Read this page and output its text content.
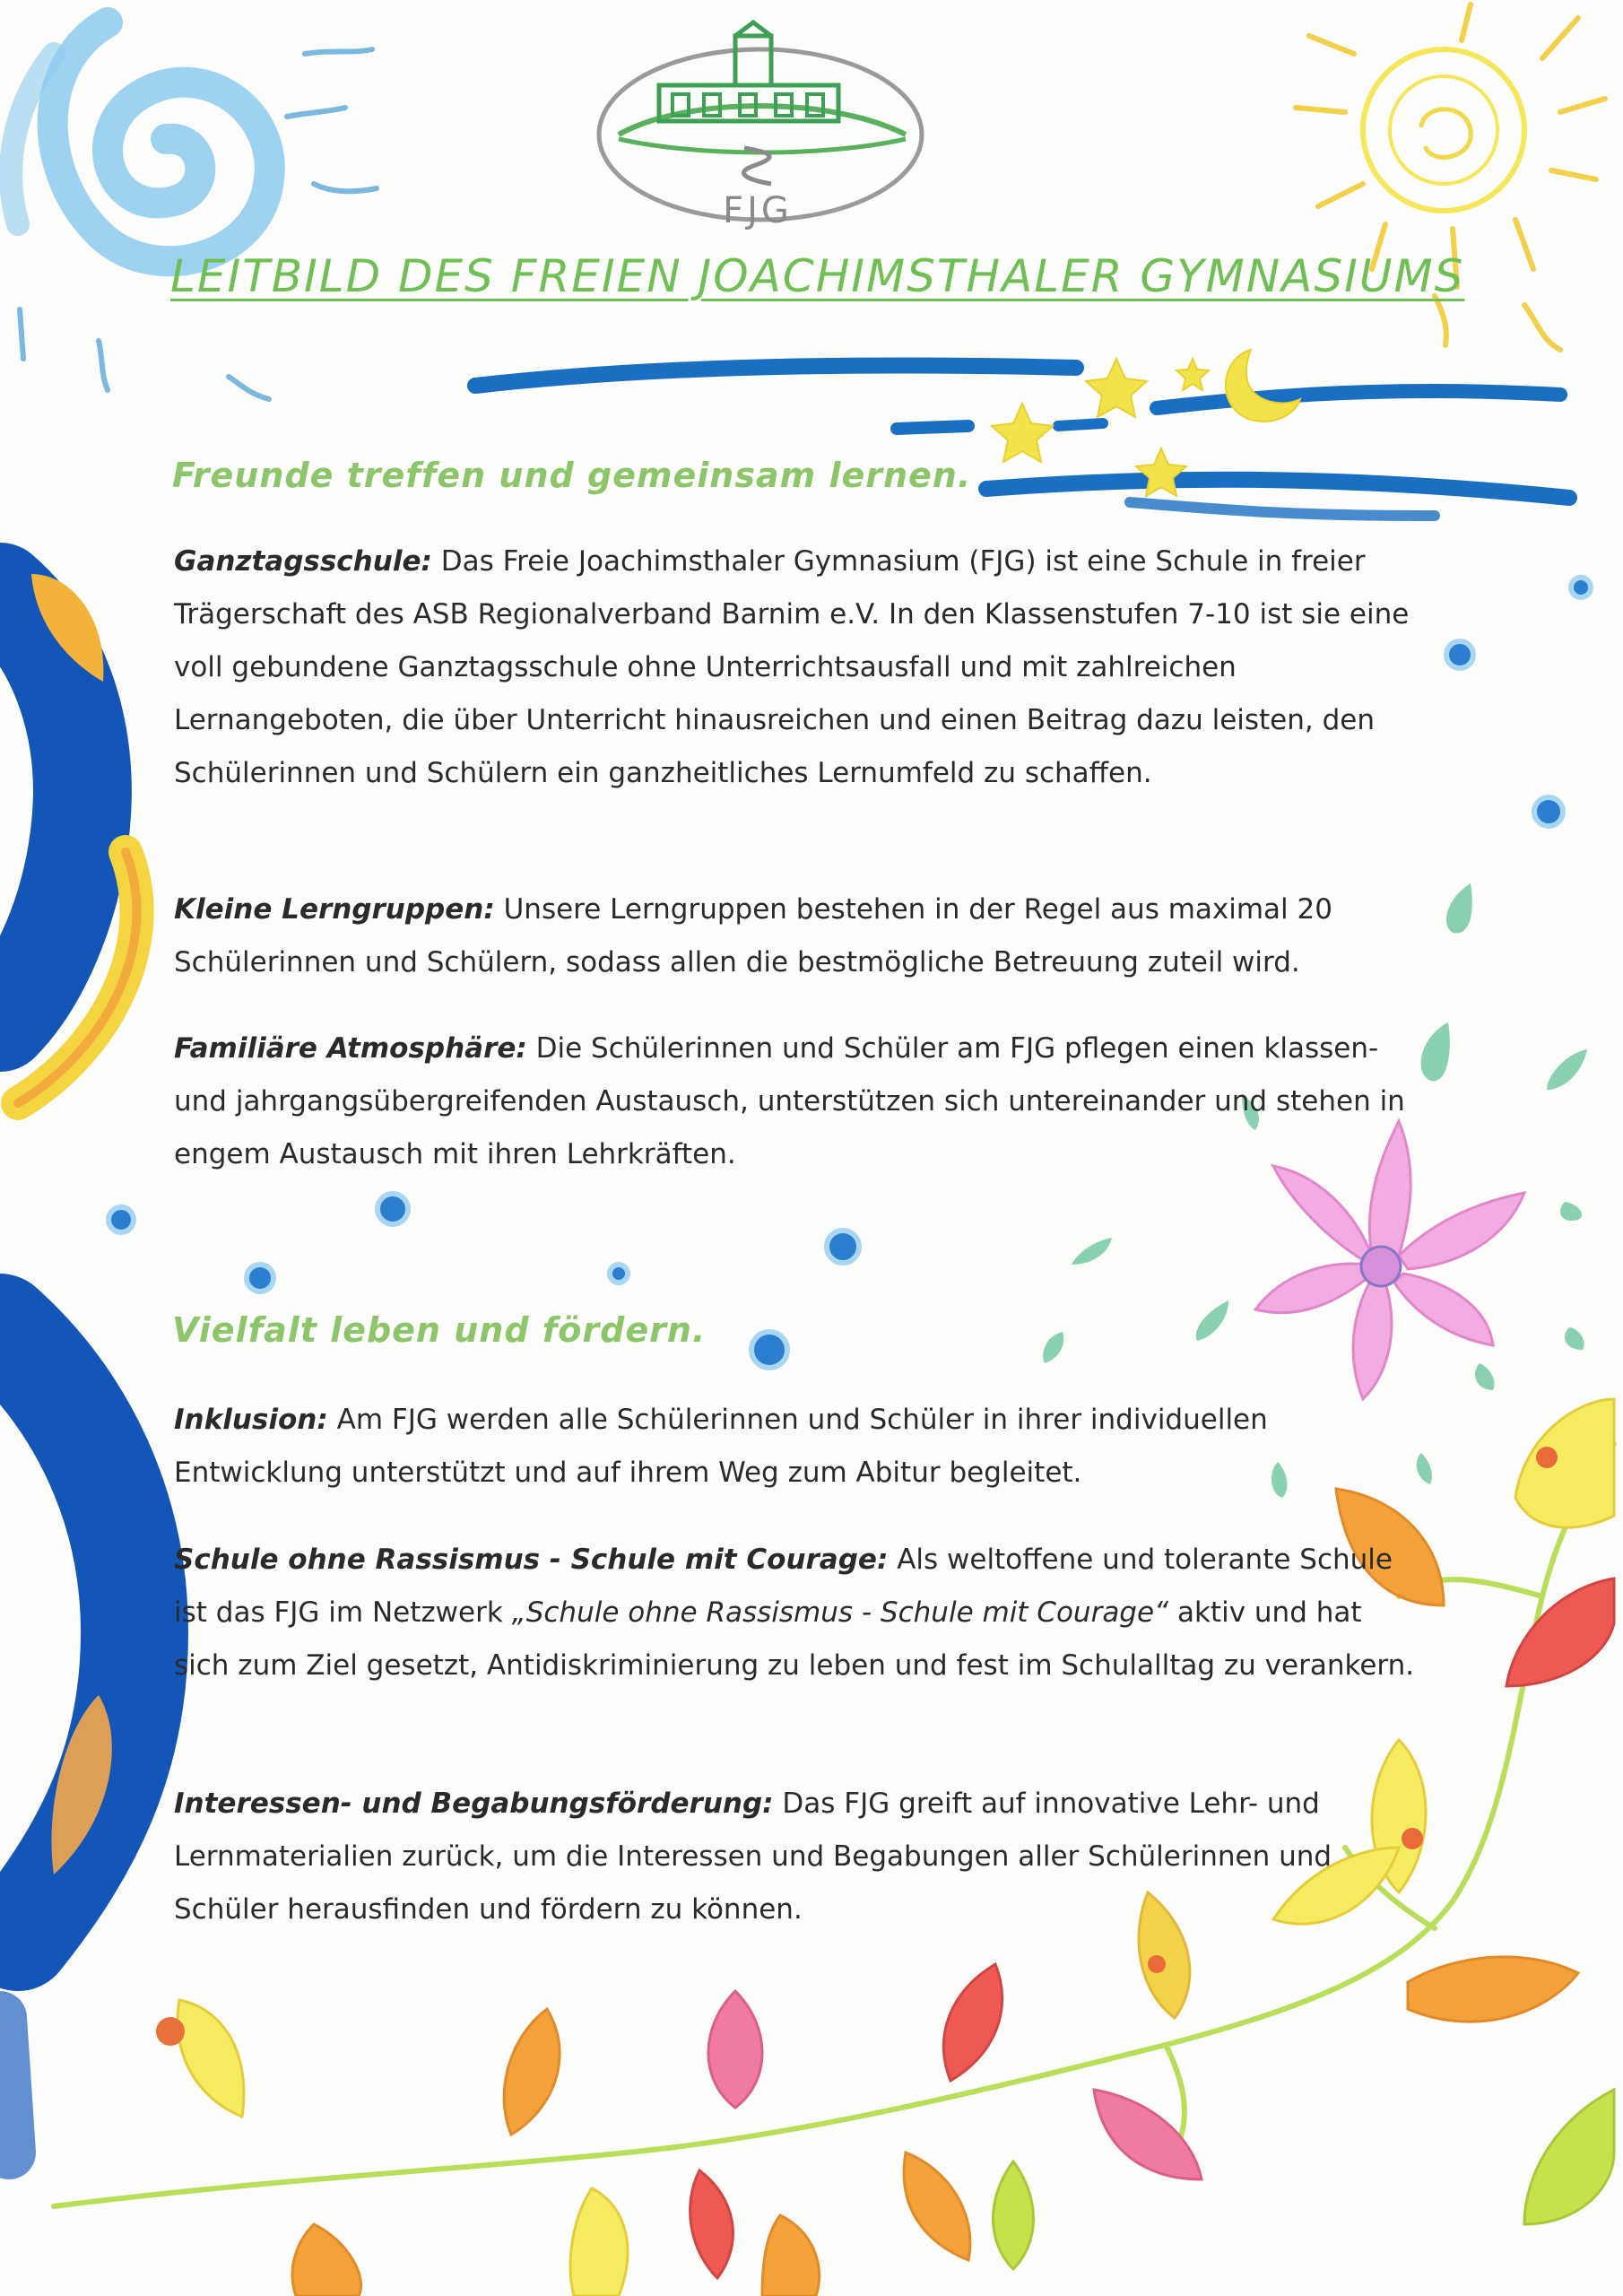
FJG
LEITBILD DES FREIEN JOACHIMSTHALER GYMNASIUMS
Freunde treffen und gemeinsam lernen.

Ganztagsschule: Das Freie Joachimsthaler Gymnasium (FJG) ist eine Schule in freier Trägerschaft des ASB Regionalverband Barnim e.V. In den Klassenstufen 7-10 ist sie eine voll gebundene Ganztagsschule ohne Unterrichtsausfall und mit zahlreichen Lernangeboten, die über Unterricht hinausreichen und einen Beitrag dazu leisten, den Schülerinnen und Schülern ein ganzheitliches Lernumfeld zu schaffen.

Kleine Lerngruppen: Unsere Lerngruppen bestehen in der Regel aus maximal 20 Schülerinnen und Schülern, sodass allen die bestmögliche Betreuung zuteil wird.

Familiäre Atmosphäre: Die Schülerinnen und Schüler am FJG pflegen einen klassen- und jahrgangsübergreifenden Austausch, unterstützen sich untereinander und stehen in engem Austausch mit ihren Lehrkräften.

Vielfalt leben und fördern.

Inklusion: Am FJG werden alle Schülerinnen und Schüler in ihrer individuellen Entwicklung unterstützt und auf ihrem Weg zum Abitur begleitet.

Schule ohne Rassismus - Schule mit Courage: Als weltoffene und tolerante Schule ist das FJG im Netzwerk „Schule ohne Rassismus - Schule mit Courage“ aktiv und hat sich zum Ziel gesetzt, Antidiskriminierung zu leben und fest im Schulalltag zu verankern.

Interessen- und Begabungsförderung: Das FJG greift auf innovative Lehr- und Lernmaterialien zurück, um die Interessen und Begabungen aller Schülerinnen und Schüler herausfinden und fördern zu können.
